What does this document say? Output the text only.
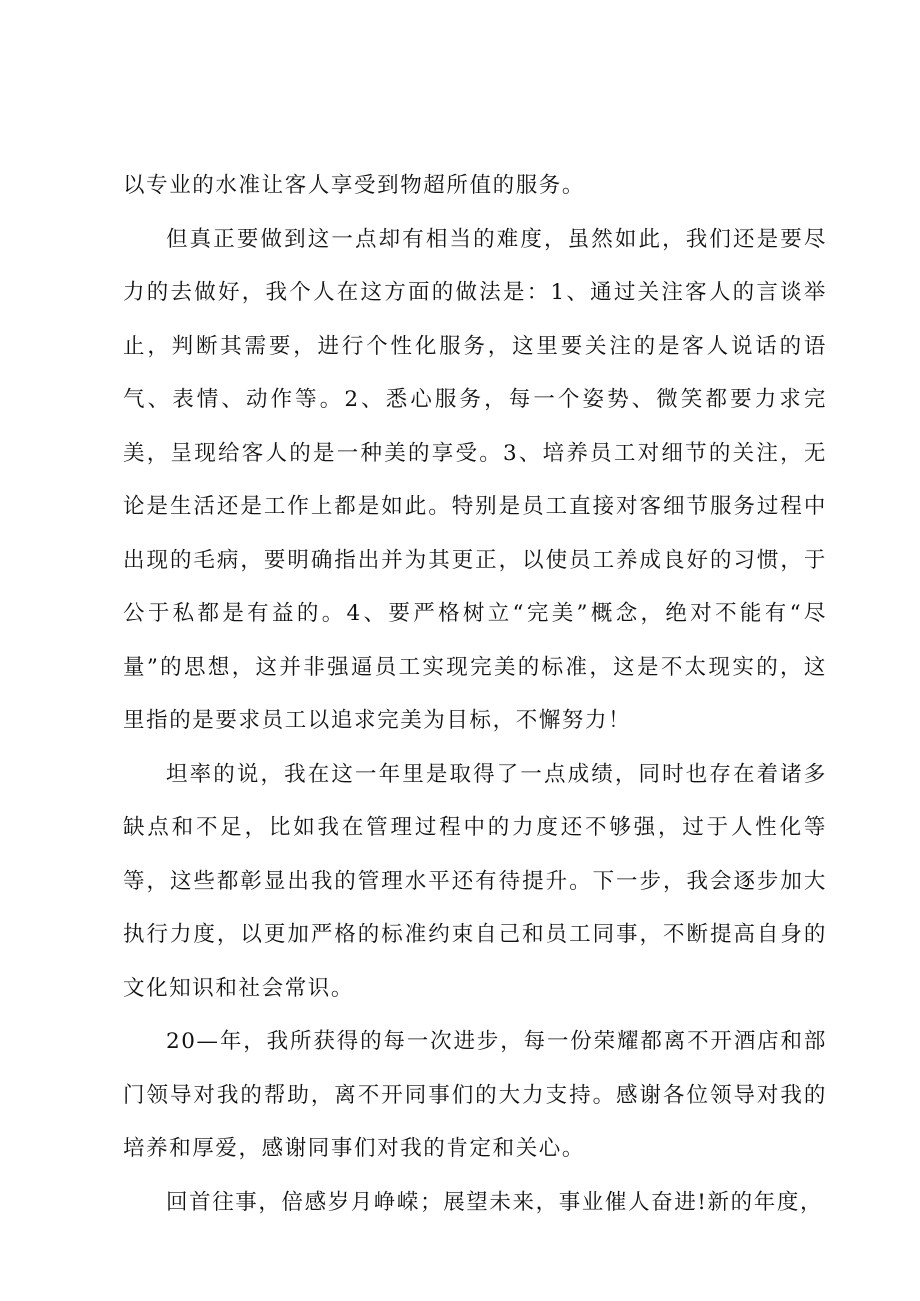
以专业的水准让客人享受到物超所值的服务。

但真正要做到这一点却有相当的难度，虽然如此，我们还是要尽力的去做好，我个人在这方面的做法是：1、通过关注客人的言谈举止，判断其需要，进行个性化服务，这里要关注的是客人说话的语气、表情、动作等。2、悉心服务，每一个姿势、微笑都要力求完美，呈现给客人的是一种美的享受。3、培养员工对细节的关注，无论是生活还是工作上都是如此。特别是员工直接对客细节服务过程中出现的毛病，要明确指出并为其更正，以使员工养成良好的习惯，于公于私都是有益的。4、要严格树立“完美”概念，绝对不能有“尽量”的思想，这并非强逼员工实现完美的标准，这是不太现实的，这里指的是要求员工以追求完美为目标，不懈努力！

坦率的说，我在这一年里是取得了一点成绩，同时也存在着诸多缺点和不足，比如我在管理过程中的力度还不够强，过于人性化等等，这些都彰显出我的管理水平还有待提升。下一步，我会逐步加大执行力度，以更加严格的标准约束自己和员工同事，不断提高自身的文化知识和社会常识。

20—年，我所获得的每一次进步，每一份荣耀都离不开酒店和部门领导对我的帮助，离不开同事们的大力支持。感谢各位领导对我的培养和厚爱，感谢同事们对我的肯定和关心。

回首往事，倍感岁月峥嵘；展望未来，事业催人奋进!新的年度，
